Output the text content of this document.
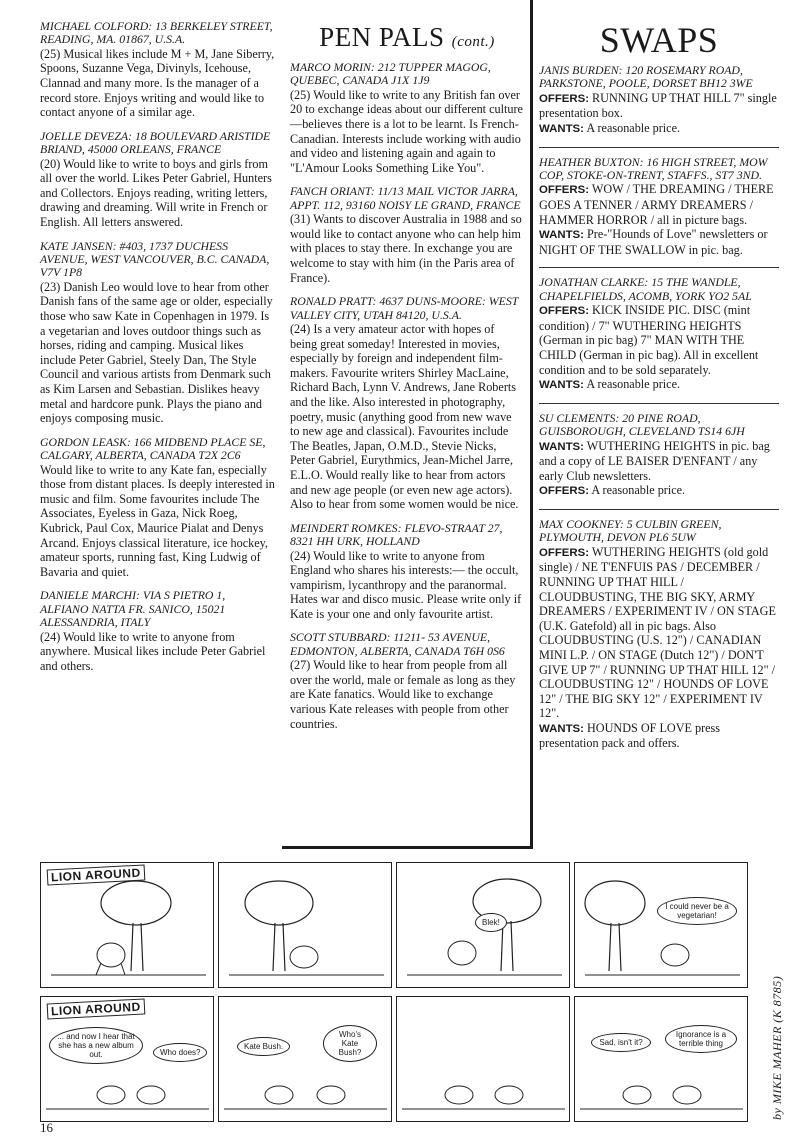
MICHAEL COLFORD: 13 BERKELEY STREET, READING, MA. 01867, U.S.A.

(25) Musical likes include M + M, Jane Siberry, Spoons, Suzanne Vega, Divinyls, Icehouse, Clannad and many more. Is the manager of a record store. Enjoys writing and would like to contact anyone of a similar age.

JOELLE DEVEZA: 18 BOULEVARD ARISTIDE BRIAND, 45000 ORLEANS, FRANCE

(20) Would like to write to boys and girls from all over the world. Likes Peter Gabriel, Hunters and Collectors. Enjoys reading, writing letters, drawing and dreaming. Will write in French or English. All letters answered.

KATE JANSEN: #403, 1737 DUCHESS AVENUE, WEST VANCOUVER, B.C. CANADA, V7V 1P8

(23) Danish Leo would love to hear from other Danish fans of the same age or older, especially those who saw Kate in Copenhagen in 1979. Is a vegetarian and loves outdoor things such as horses, riding and camping. Musical likes include Peter Gabriel, Steely Dan, The Style Council and various artists from Denmark such as Kim Larsen and Sebastian. Dislikes heavy metal and hardcore punk. Plays the piano and enjoys composing music.

GORDON LEASK: 166 MIDBEND PLACE SE, CALGARY, ALBERTA, CANADA T2X 2C6

Would like to write to any Kate fan, especially those from distant places. Is deeply interested in music and film. Some favourites include The Associates, Eyeless in Gaza, Nick Roeg, Kubrick, Paul Cox, Maurice Pialat and Denys Arcand. Enjoys classical literature, ice hockey, amateur sports, running fast, King Ludwig of Bavaria and quiet.

DANIELE MARCHI: VIA S PIETRO 1, ALFIANO NATTA FR. SANICO, 15021 ALESSANDRIA, ITALY

(24) Would like to write to anyone from anywhere. Musical likes include Peter Gabriel and others.

PEN PALS (cont.)
MARCO MORIN: 212 TUPPER MAGOG, QUEBEC, CANADA J1X 1J9

(25) Would like to write to any British fan over 20 to exchange ideas about our different culture—believes there is a lot to be learnt. Is French-Canadian. Interests include working with audio and video and listening again and again to "L'Amour Looks Something Like You".

FANCH ORIANT: 11/13 MAIL VICTOR JARRA, APPT. 112, 93160 NOISY LE GRAND, FRANCE

(31) Wants to discover Australia in 1988 and so would like to contact anyone who can help him with places to stay there. In exchange you are welcome to stay with him (in the Paris area of France).

RONALD PRATT: 4637 DUNS-MOORE: WEST VALLEY CITY, UTAH 84120, U.S.A.

(24) Is a very amateur actor with hopes of being great someday! Interested in movies, especially by foreign and independent film-makers. Favourite writers Shirley MacLaine, Richard Bach, Lynn V. Andrews, Jane Roberts and the like. Also interested in photography, poetry, music (anything good from new wave to new age and classical). Favourites include The Beatles, Japan, O.M.D., Stevie Nicks, Peter Gabriel, Eurythmics, Jean-Michel Jarre, E.L.O. Would really like to hear from actors and new age people (or even new age actors). Also to hear from some women would be nice.

MEINDERT ROMKES: FLEVO-STRAAT 27, 8321 HH URK, HOLLAND

(24) Would like to write to anyone from England who shares his interests:— the occult, vampirism, lycanthropy and the paranormal. Hates war and disco music. Please write only if Kate is your one and only favourite artist.

SCOTT STUBBARD: 11211- 53 AVENUE, EDMONTON, ALBERTA, CANADA T6H 0S6

(27) Would like to hear from people from all over the world, male or female as long as they are Kate fanatics. Would like to exchange various Kate releases with people from other countries.

SWAPS
JANIS BURDEN: 120 ROSEMARY ROAD, PARKSTONE, POOLE, DORSET BH12 3WE

OFFERS: RUNNING UP THAT HILL 7" single presentation box.

WANTS: A reasonable price.

HEATHER BUXTON: 16 HIGH STREET, MOW COP, STOKE-ON-TRENT, STAFFS., ST7 3ND.

OFFERS: WOW / THE DREAMING / THERE GOES A TENNER / ARMY DREAMERS / HAMMER HORROR / all in picture bags.

WANTS: Pre-"Hounds of Love" newsletters or NIGHT OF THE SWALLOW in pic. bag.

JONATHAN CLARKE: 15 THE WANDLE, CHAPELFIELDS, ACOMB, YORK YO2 5AL

OFFERS: KICK INSIDE PIC. DISC (mint condition) / 7" WUTHERING HEIGHTS (German in pic bag) 7" MAN WITH THE CHILD (German in pic bag). All in excellent condition and to be sold separately.

WANTS: A reasonable price.

SU CLEMENTS: 20 PINE ROAD, GUISBOROUGH, CLEVELAND TS14 6JH

WANTS: WUTHERING HEIGHTS in pic. bag and a copy of LE BAISER D'ENFANT / any early Club newsletters.

OFFERS: A reasonable price.

MAX COOKNEY: 5 CULBIN GREEN, PLYMOUTH, DEVON PL6 5UW

OFFERS: WUTHERING HEIGHTS (old gold single) / NE T'ENFUIS PAS / DECEMBER / RUNNING UP THAT HILL / CLOUDBUSTING, THE BIG SKY, ARMY DREAMERS / EXPERIMENT IV / ON STAGE (U.K. Gatefold) all in pic bags. Also CLOUDBUSTING (U.S. 12") / CANADIAN MINI L.P. / ON STAGE (Dutch 12") / DON'T GIVE UP 7" / RUNNING UP THAT HILL 12" / CLOUDBUSTING 12" / HOUNDS OF LOVE 12" / THE BIG SKY 12" / EXPERIMENT IV 12".

WANTS: HOUNDS OF LOVE press presentation pack and offers.

LION AROUND
Blek!
I could never be a vegetarian!
LION AROUND
... and now I hear that she has a new album out.	Who does?
Kate Bush.
Who's Kate Bush?
Sad, isn't it?
Ignorance is a terrible thing	by MIKE MAHER (K 8785)
16
